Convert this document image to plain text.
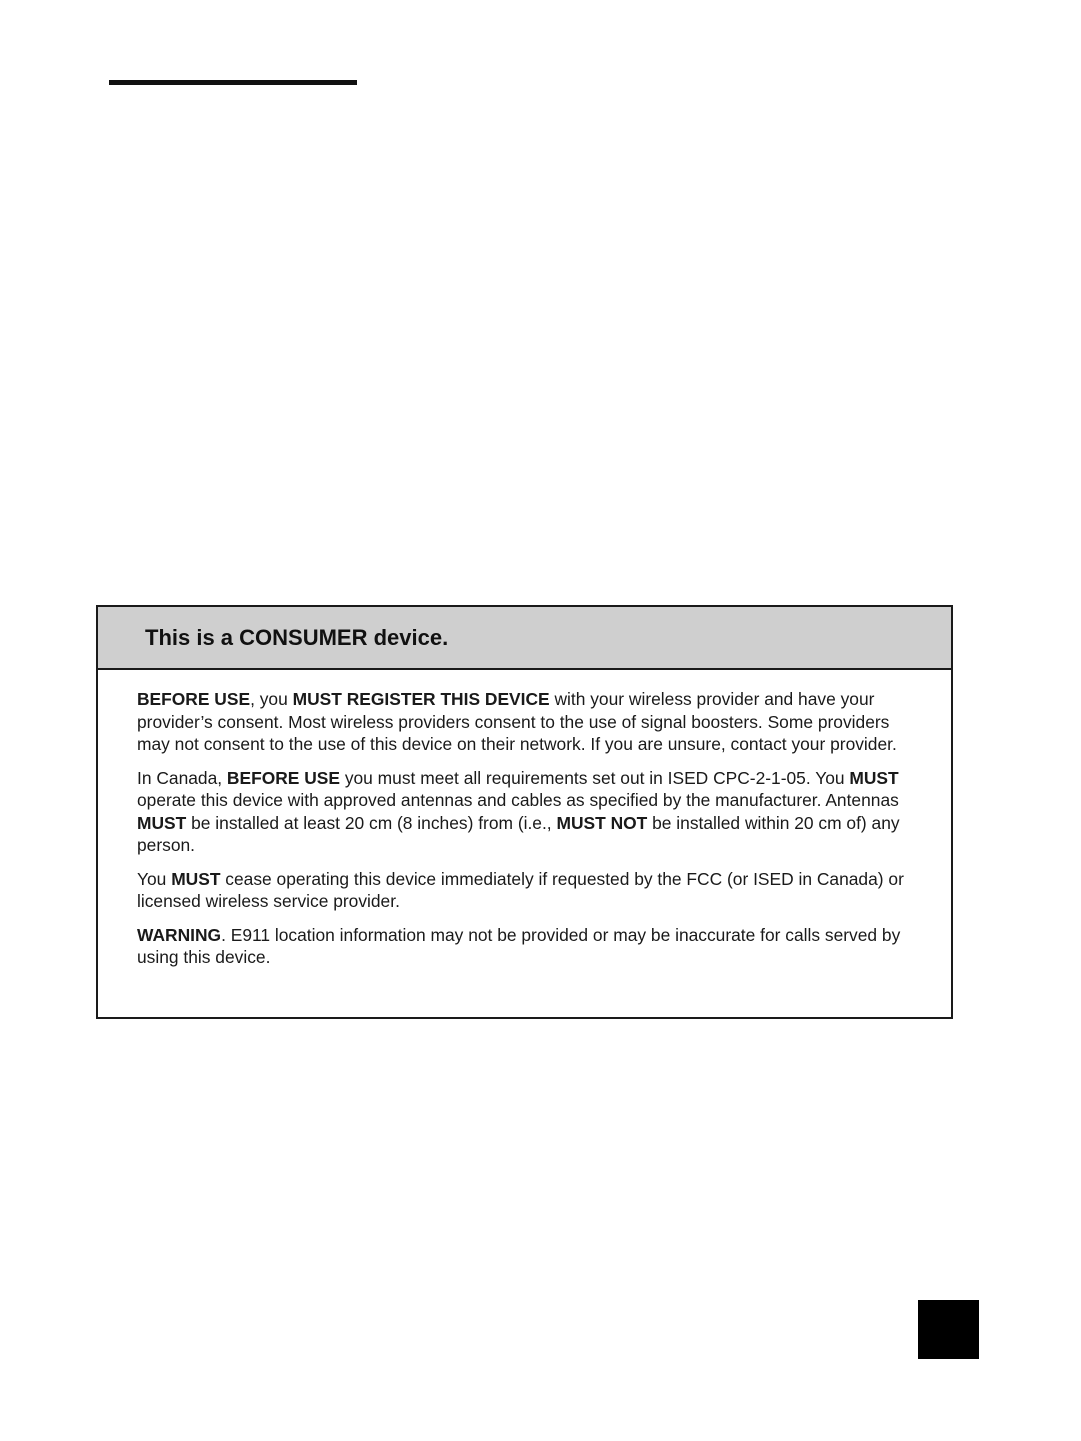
This is a CONSUMER device.

BEFORE USE, you MUST REGISTER THIS DEVICE with your wireless provider and have your provider’s consent. Most wireless providers consent to the use of signal boosters. Some providers may not consent to the use of this device on their network. If you are unsure, contact your provider.

In Canada, BEFORE USE you must meet all requirements set out in ISED CPC-2-1-05. You MUST operate this device with approved antennas and cables as specified by the manufacturer. Antennas MUST be installed at least 20 cm (8 inches) from (i.e., MUST NOT be installed within 20 cm of) any person.

You MUST cease operating this device immediately if requested by the FCC (or ISED in Canada) or licensed wireless service provider.

WARNING. E911 location information may not be provided or may be inaccurate for calls served by using this device.
